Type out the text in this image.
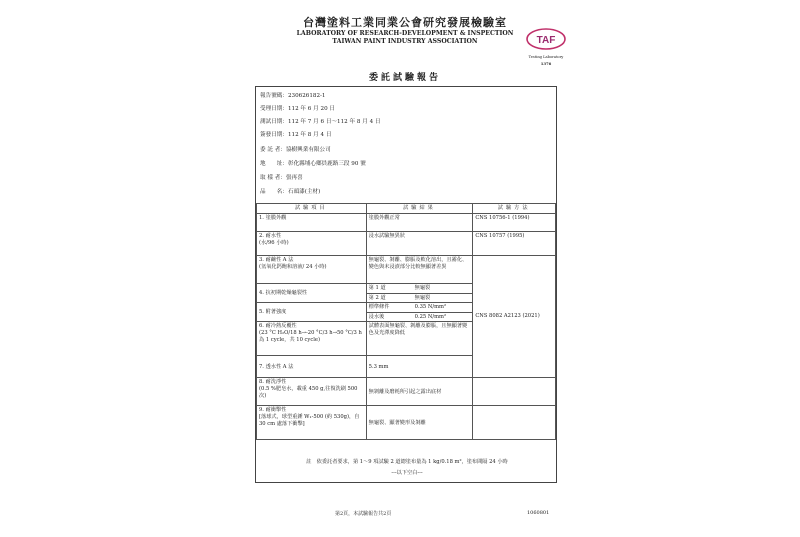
台灣塗料工業同業公會研究發展檢驗室
LABORATORY OF RESEARCH-DEVELOPMENT & INSPECTION
TAIWAN PAINT INDUSTRY ASSOCIATION	TAF
Testing Laboratory
1376
委託試驗報告
報告號碼：230626182-1
受理日期：112 年 6 月 20 日
測試日期：112 年 7 月 6 日～112 年 8 月 4 日
簽發日期：112 年 8 月 4 日
委 託 者：協樹興業有限公司
地　　址：彰化縣埔心鄉員鹿路三段 90 號
取 樣 者：張再喜
品　　名：石頭漆(主材)
試驗項目	試驗結果	試驗方法
1. 塗膜外觀	塗膜外觀正常	CNS 10756-1 (1994)
2. 耐水性
(水/96 小時)	浸水試驗無異狀	CNS 10757 (1995)
3. 耐鹼性 A 法
(氫氧化鈣飽和溶液/ 24 小時)	無龜裂、剝離、膨脹及軟化溶出，且霧化、變色與未浸漬部分比較無顯著差異	CNS 8082 A2123 (2021)
4. 抗初期乾燥龜裂性	第 1 道 無龜裂	
	第 2 道 無龜裂	
5. 附著強度	標準條件 0.35 N/mm²	
	浸水後 0.25 N/mm²	
6. 耐冷熱反覆性
(23 °C H₂O/18 h→-20 °C/3 h→50 °C/3 h 為 1 cycle，共 10 cycle)	試體表面無龜裂、剝離及膨脹，且無顯著變色及光澤度降低	
7. 透水性 A 法	5.3 mm	
8. 耐洗淨性
(0.5 %肥皂水，載重 450 g,往復洗刷 500 次)	無剝離及磨耗所引起之露出底材	
9. 耐衝擊性
[落球式，球型重錘 W₁-500 (約 530g)，自 30 cm 處落下衝擊]	無龜裂、顯著變形及剝離	
註　依委託者要求，第 1～9 項試驗 2 道總塗布量為 1 kg/0.18 m²，塗布間隔 24 小時
---以下空白---
第2頁，本試驗報告共2頁	1060801
